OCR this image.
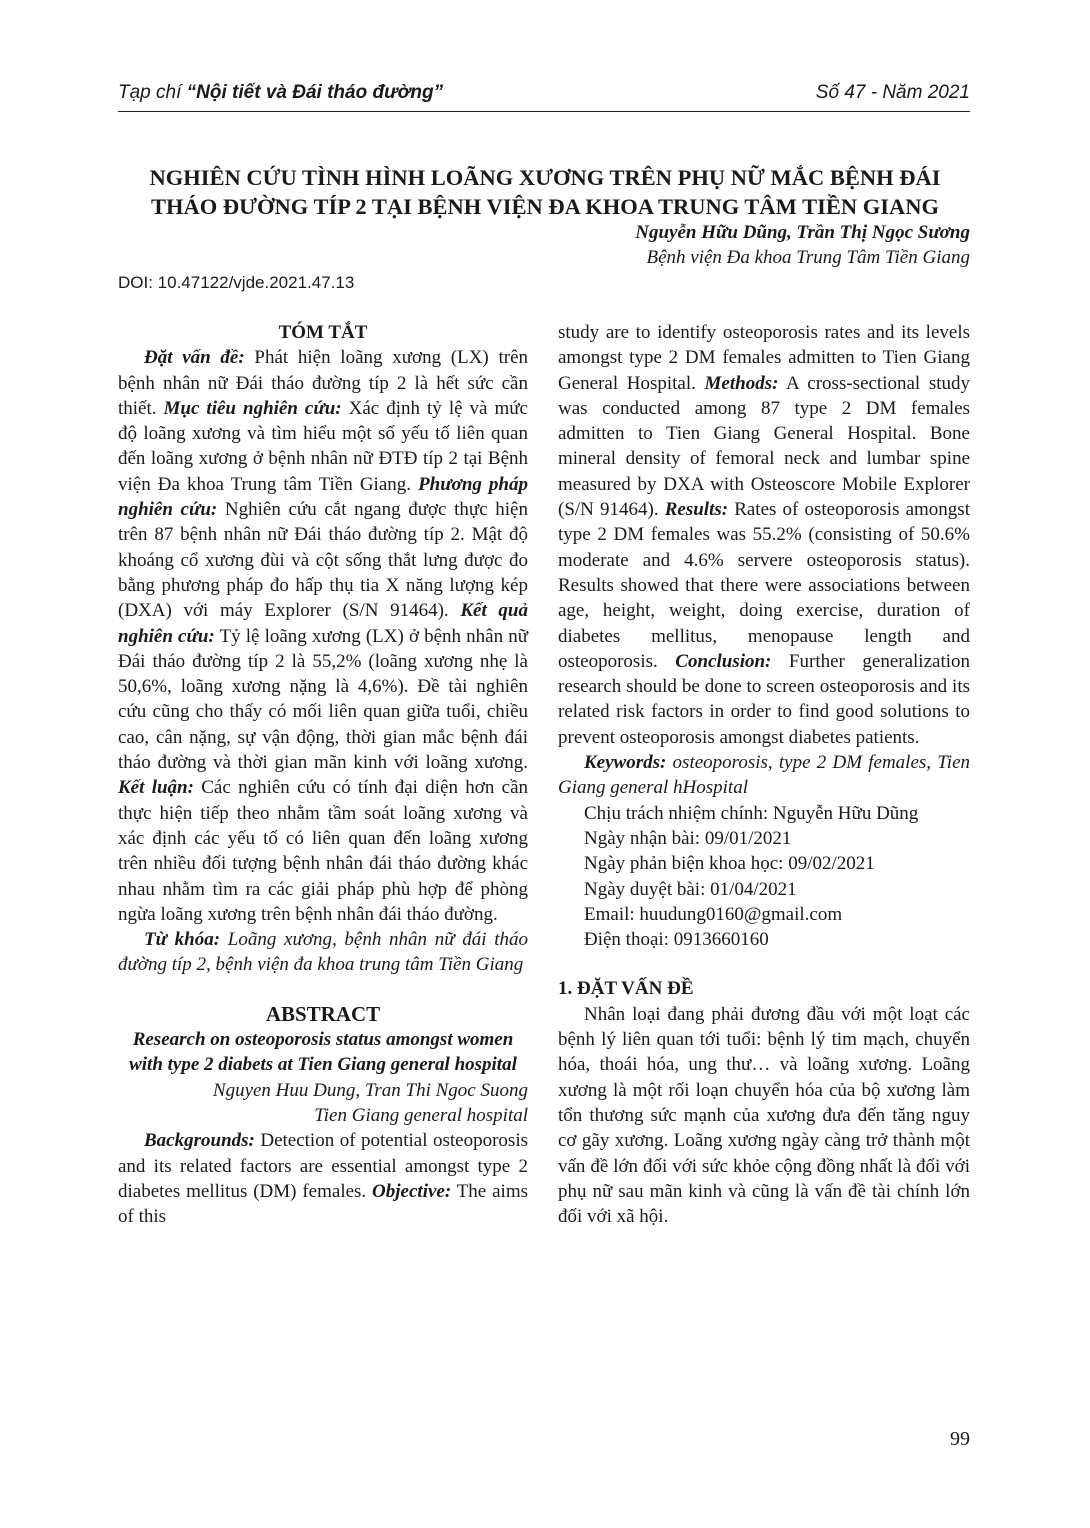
Tạp chí “Nội tiết và Đái tháo đường”	Số 47 - Năm 2021
NGHIÊN CỨU TÌNH HÌNH LOÃNG XƯƠNG TRÊN PHỤ NỮ MẮC BỆNH ĐÁI
THÁO ĐƯỜNG TÍP 2 TẠI BỆNH VIỆN ĐA KHOA TRUNG TÂM TIỀN GIANG
Nguyễn Hữu Dũng, Trần Thị Ngọc Sương
Bệnh viện Đa khoa Trung Tâm Tiền Giang
DOI: 10.47122/vjde.2021.47.13

TÓM TẮT

Đặt vấn đề: Phát hiện loãng xương (LX) trên bệnh nhân nữ Đái tháo đường típ 2 là hết sức cần thiết. Mục tiêu nghiên cứu: Xác định tỷ lệ và mức độ loãng xương và tìm hiểu một số yếu tố liên quan đến loãng xương ở bệnh nhân nữ ĐTĐ típ 2 tại Bệnh viện Đa khoa Trung tâm Tiền Giang. Phương pháp nghiên cứu: Nghiên cứu cắt ngang được thực hiện trên 87 bệnh nhân nữ Đái tháo đường típ 2. Mật độ khoáng cổ xương đùi và cột sống thắt lưng được đo bằng phương pháp đo hấp thụ tia X năng lượng kép (DXA) với máy Explorer (S/N 91464). Kết quả nghiên cứu: Tỷ lệ loãng xương (LX) ở bệnh nhân nữ Đái tháo đường típ 2 là 55,2% (loãng xương nhẹ là 50,6%, loãng xương nặng là 4,6%). Đề tài nghiên cứu cũng cho thấy có mối liên quan giữa tuổi, chiều cao, cân nặng, sự vận động, thời gian mắc bệnh đái tháo đường và thời gian mãn kinh với loãng xương. Kết luận: Các nghiên cứu có tính đại diện hơn cần thực hiện tiếp theo nhằm tầm soát loãng xương và xác định các yếu tố có liên quan đến loãng xương trên nhiều đối tượng bệnh nhân đái tháo đường khác nhau nhằm tìm ra các giải pháp phù hợp để phòng ngừa loãng xương trên bệnh nhân đái tháo đường.

Từ khóa: Loãng xương, bệnh nhân nữ đái tháo đường típ 2, bệnh viện đa khoa trung tâm Tiền Giang

ABSTRACT

Research on osteoporosis status amongst women with type 2 diabets at Tien Giang general hospital

Nguyen Huu Dung, Tran Thi Ngoc Suong

Tien Giang general hospital

Backgrounds: Detection of potential osteoporosis and its related factors are essential amongst type 2 diabetes mellitus (DM) females. Objective: The aims of this

study are to identify osteoporosis rates and its levels amongst type 2 DM females admitten to Tien Giang General Hospital. Methods: A cross-sectional study was conducted among 87 type 2 DM females admitten to Tien Giang General Hospital. Bone mineral density of femoral neck and lumbar spine measured by DXA with Osteoscore Mobile Explorer (S/N 91464). Results: Rates of osteoporosis amongst type 2 DM females was 55.2% (consisting of 50.6% moderate and 4.6% servere osteoporosis status). Results showed that there were associations between age, height, weight, doing exercise, duration of diabetes mellitus, menopause length and osteoporosis. Conclusion: Further generalization research should be done to screen osteoporosis and its related risk factors in order to find good solutions to prevent osteoporosis amongst diabetes patients.

Keywords: osteoporosis, type 2 DM females, Tien Giang general hHospital

Chịu trách nhiệm chính: Nguyễn Hữu Dũng

Ngày nhận bài: 09/01/2021

Ngày phản biện khoa học: 09/02/2021

Ngày duyệt bài: 01/04/2021

Email: huudung0160@gmail.com

Điện thoại: 0913660160

1. ĐẶT VẤN ĐỀ

Nhân loại đang phải đương đầu với một loạt các bệnh lý liên quan tới tuổi: bệnh lý tim mạch, chuyển hóa, thoái hóa, ung thư… và loãng xương. Loãng xương là một rối loạn chuyển hóa của bộ xương làm tổn thương sức mạnh của xương đưa đến tăng nguy cơ gãy xương. Loãng xương ngày càng trở thành một vấn đề lớn đối với sức khỏe cộng đồng nhất là đối với phụ nữ sau mãn kinh và cũng là vấn đề tài chính lớn đối với xã hội.

99
